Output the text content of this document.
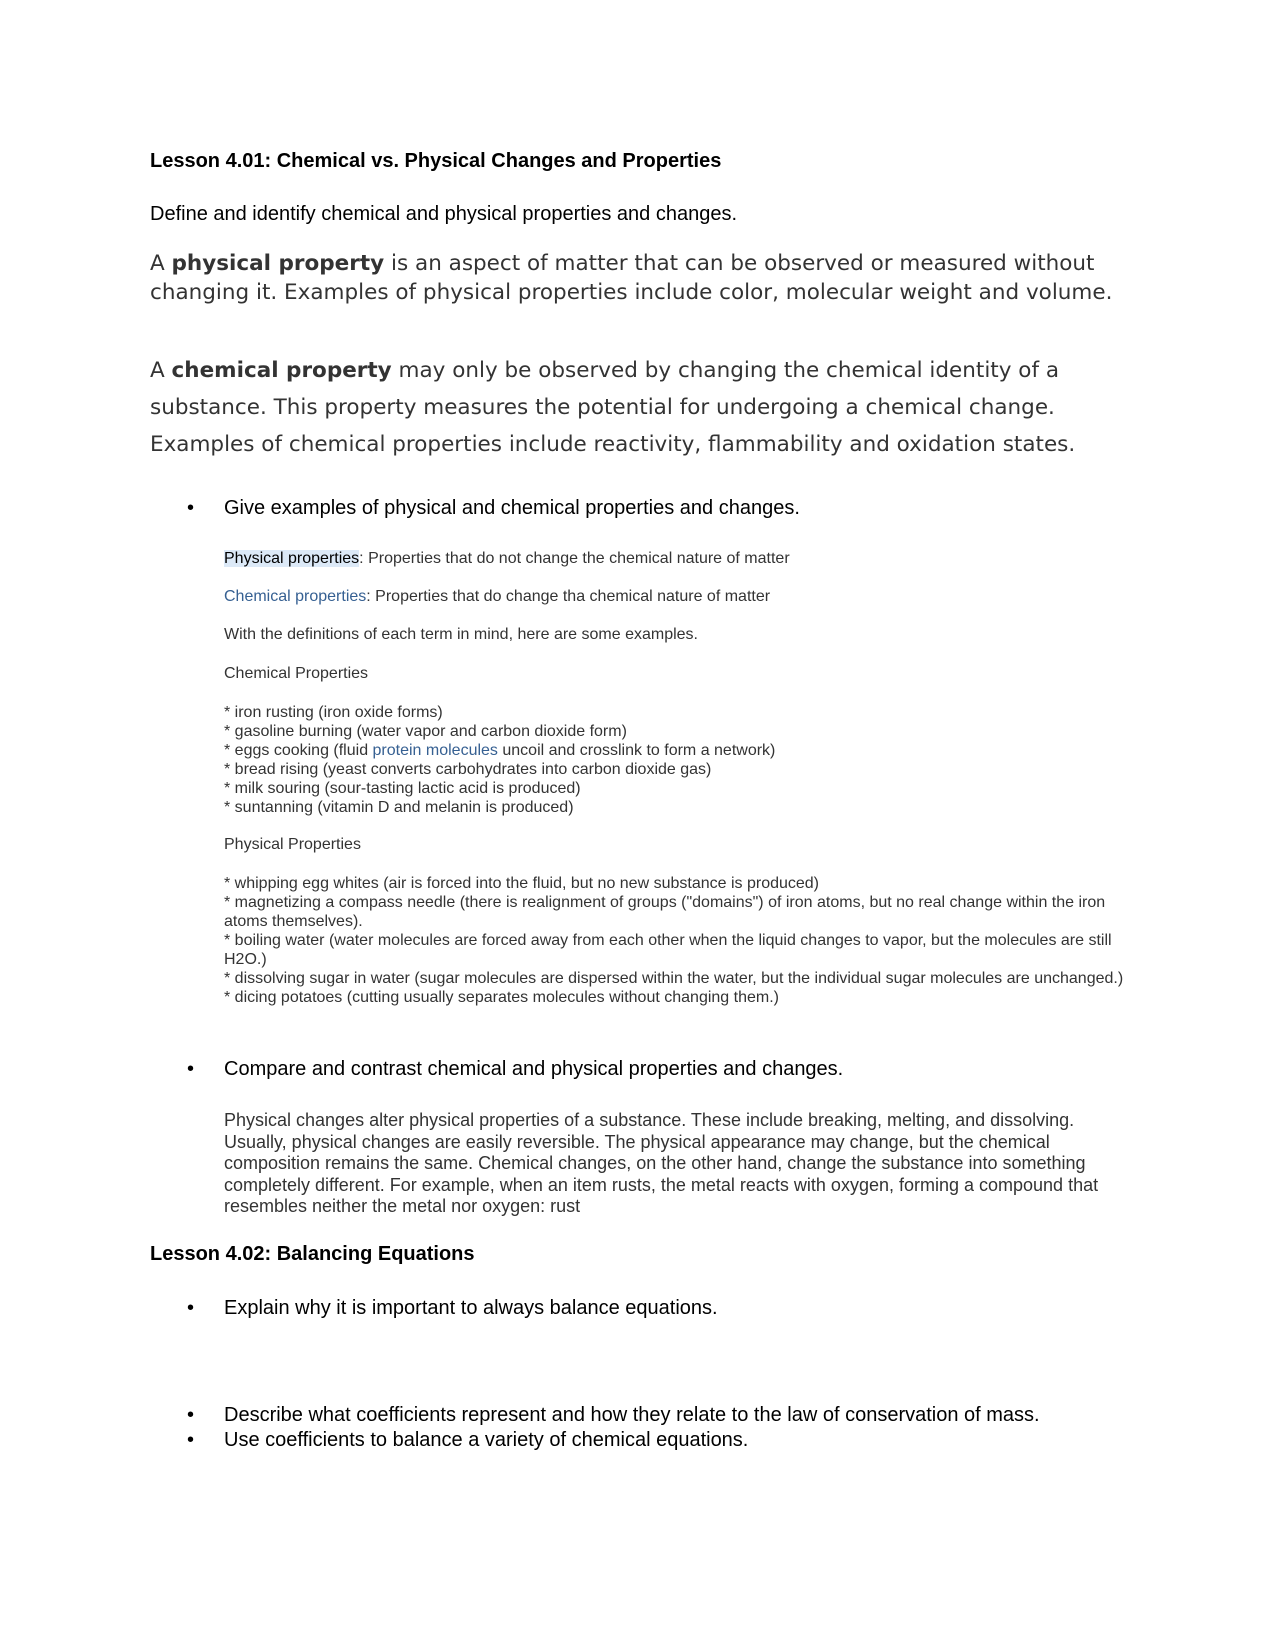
Lesson 4.01: Chemical vs. Physical Changes and Properties
Define and identify chemical and physical properties and changes.
A physical property is an aspect of matter that can be observed or measured without changing it. Examples of physical properties include color, molecular weight and volume.
A chemical property may only be observed by changing the chemical identity of a substance. This property measures the potential for undergoing a chemical change. Examples of chemical properties include reactivity, flammability and oxidation states.
• Give examples of physical and chemical properties and changes.
Physical properties: Properties that do not change the chemical nature of matter
Chemical properties: Properties that do change tha chemical nature of matter
With the definitions of each term in mind, here are some examples.
Chemical Properties
* iron rusting (iron oxide forms)
* gasoline burning (water vapor and carbon dioxide form)
* eggs cooking (fluid protein molecules uncoil and crosslink to form a network)
* bread rising (yeast converts carbohydrates into carbon dioxide gas)
* milk souring (sour-tasting lactic acid is produced)
* suntanning (vitamin D and melanin is produced)
Physical Properties
* whipping egg whites (air is forced into the fluid, but no new substance is produced)
* magnetizing a compass needle (there is realignment of groups ("domains") of iron atoms, but no real change within the iron atoms themselves).
* boiling water (water molecules are forced away from each other when the liquid changes to vapor, but the molecules are still H2O.)
* dissolving sugar in water (sugar molecules are dispersed within the water, but the individual sugar molecules are unchanged.)
* dicing potatoes (cutting usually separates molecules without changing them.)
• Compare and contrast chemical and physical properties and changes.
Physical changes alter physical properties of a substance. These include breaking, melting, and dissolving. Usually, physical changes are easily reversible. The physical appearance may change, but the chemical composition remains the same. Chemical changes, on the other hand, change the substance into something completely different. For example, when an item rusts, the metal reacts with oxygen, forming a compound that resembles neither the metal nor oxygen: rust
Lesson 4.02: Balancing Equations
• Explain why it is important to always balance equations.
• Describe what coefficients represent and how they relate to the law of conservation of mass.
• Use coefficients to balance a variety of chemical equations.
